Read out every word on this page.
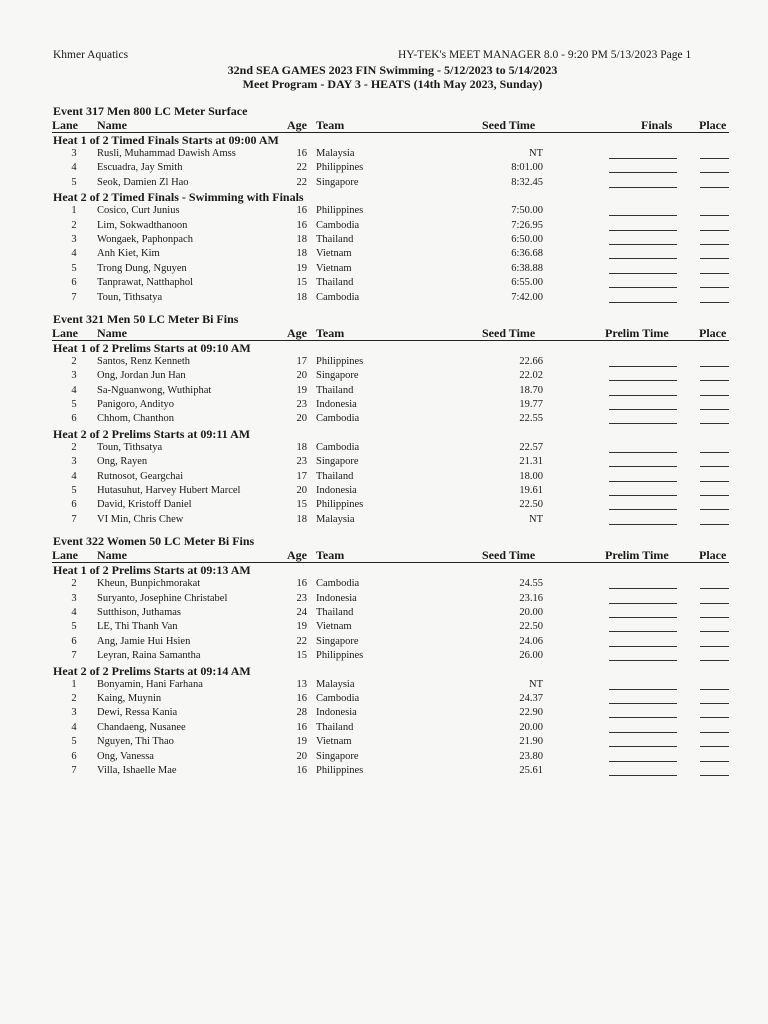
Khmer Aquatics	HY-TEK's MEET MANAGER 8.0 - 9:20 PM 5/13/2023 Page 1
32nd SEA GAMES 2023 FIN Swimming - 5/12/2023 to 5/14/2023
Meet Program - DAY 3 - HEATS (14th May 2023, Sunday)
Event 317 Men 800 LC Meter Surface
Lane Name	Age Team	Seed Time	Finals Place
Heat 1 of 2 Timed Finals Starts at 09:00 AM
3	Rusli, Muhammad Dawish Amss	16 Malaysia	NT
4	Escuadra, Jay Smith	22 Philippines	8:01.00
5	Seok, Damien Zl Hao	22 Singapore	8:32.45
Heat 2 of 2 Timed Finals - Swimming with Finals
1	Cosico, Curt Junius	16 Philippines	7:50.00
2	Lim, Sokwadthanoon	16 Cambodia	7:26.95
3	Wongaek, Paphonpach	18 Thailand	6:50.00
4	Anh Kiet, Kim	18 Vietnam	6:36.68
5	Trong Dung, Nguyen	19 Vietnam	6:38.88
6	Tanprawat, Natthaphol	15 Thailand	6:55.00
7	Toun, Tithsatya	18 Cambodia	7:42.00
Event 321 Men 50 LC Meter Bi Fins
Lane Name	Age Team	Seed Time	Prelim Time	Place
Heat 1 of 2 Prelims Starts at 09:10 AM
2	Santos, Renz Kenneth	17 Philippines	22.66
3	Ong, Jordan Jun Han	20 Singapore	22.02
4	Sa-Nguanwong, Wuthiphat	19 Thailand	18.70
5	Panigoro, Andityo	23 Indonesia	19.77
6	Chhom, Chanthon	20 Cambodia	22.55
Heat 2 of 2 Prelims Starts at 09:11 AM
2	Toun, Tithsatya	18 Cambodia	22.57
3	Ong, Rayen	23 Singapore	21.31
4	Rutnosot, Geargchai	17 Thailand	18.00
5	Hutasuhut, Harvey Hubert Marcel	20 Indonesia	19.61
6	David, Kristoff Daniel	15 Philippines	22.50
7	VI Min, Chris Chew	18 Malaysia	NT
Event 322 Women 50 LC Meter Bi Fins
Lane Name	Age Team	Seed Time	Prelim Time	Place
Heat 1 of 2 Prelims Starts at 09:13 AM
2	Kheun, Bunpichmorakat	16 Cambodia	24.55
3	Suryanto, Josephine Christabel	23 Indonesia	23.16
4	Sutthison, Juthamas	24 Thailand	20.00
5	LE, Thi Thanh Van	19 Vietnam	22.50
6	Ang, Jamie Hui Hsien	22 Singapore	24.06
7	Leyran, Raina Samantha	15 Philippines	26.00
Heat 2 of 2 Prelims Starts at 09:14 AM
1	Bonyamin, Hani Farhana	13 Malaysia	NT
2	Kaing, Muynin	16 Cambodia	24.37
3	Dewi, Ressa Kania	28 Indonesia	22.90
4	Chandaeng, Nusanee	16 Thailand	20.00
5	Nguyen, Thi Thao	19 Vietnam	21.90
6	Ong, Vanessa	20 Singapore	23.80
7	Villa, Ishaelle Mae	16 Philippines	25.61
